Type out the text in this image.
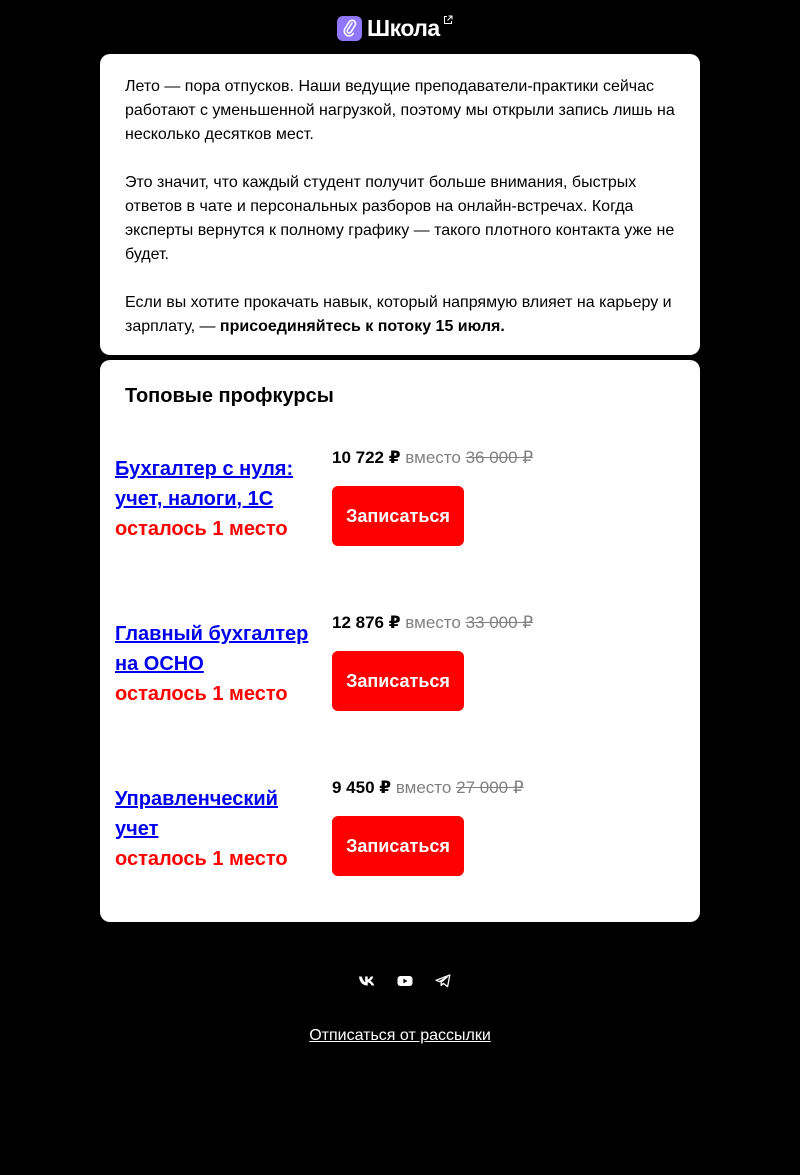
Школа

Лето — пора отпусков. Наши ведущие преподаватели-практики сейчас работают с уменьшенной нагрузкой, поэтому мы открыли запись лишь на несколько десятков мест.

Это значит, что каждый студент получит больше внимания, быстрых ответов в чате и персональных разборов на онлайн-встречах. Когда эксперты вернутся к полному графику — такого плотного контакта уже не будет.

Если вы хотите прокачать навык, который напрямую влияет на карьеру и зарплату, — присоединяйтесь к потоку 15 июля.

Топовые профкурсы
Бухгалтер с нуля: учет, налоги, 1С
осталось 1 место
10 722 ₽ вместо 36 000 ₽
Записаться
Главный бухгалтер на ОСНО
осталось 1 место
12 876 ₽ вместо 33 000 ₽
Записаться
Управленческий учет
осталось 1 место
9 450 ₽ вместо 27 000 ₽
Записаться
Отписаться от рассылки
